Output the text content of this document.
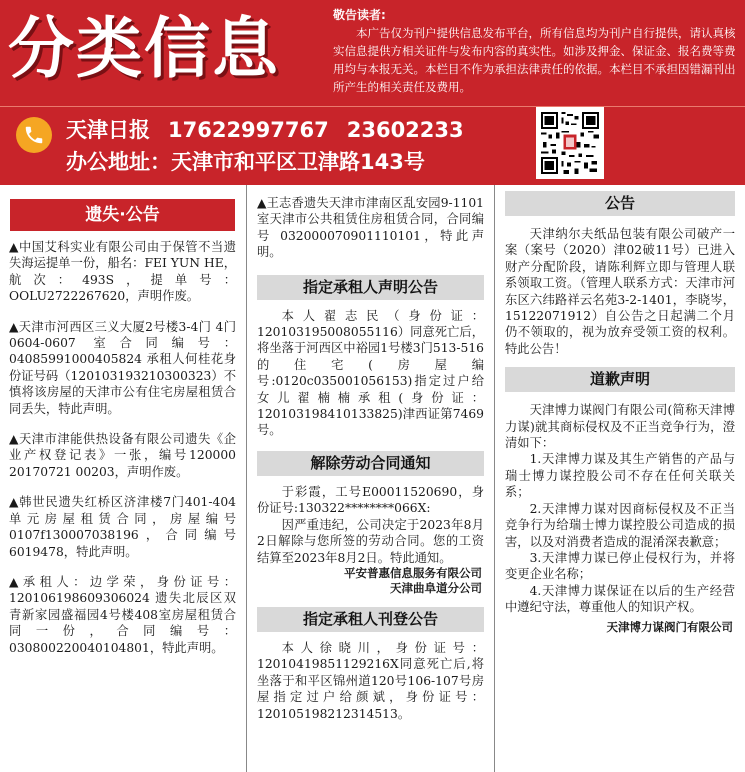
分类信息	敬告读者:
本广告仅为刊户提供信息发布平台，所有信息均为刊户自行提供，请认真核实信息提供方相关证件与发布内容的真实性。如涉及押金、保证金、报名费等费用均与本报无关。本栏目不作为承担法律责任的依据。本栏目不承担因错漏刊出所产生的相关责任及费用。
天津日报 17622997767 23602233
办公地址：天津市和平区卫津路143号
遗失·公告
▲中国艾科实业有限公司由于保管不当遗失海运提单一份，船名：FEI YUN HE，航次：493S，提单号：OOLU2722267620，声明作废。
▲天津市河西区三义大厦2号楼3-4门 4门 0604-0607 室合同编号：04085991000405824 承租人何桂花身份证号码（120103193210300323）不慎将该房屋的天津市公有住宅房屋租赁合同丢失，特此声明。
▲天津市津能供热设备有限公司遗失《企业产权登记表》一张，编号120000 20170721 00203，声明作废。
▲韩世民遗失红桥区济津楼7门401-404单元房屋租赁合同，房屋编号0107f130007038196，合同编号6019478，特此声明。
▲承租人：边学荣，身份证号：120106198609306024 遗失北辰区双青新家园盛福园4号楼408室房屋租赁合同一份，合同编号：030800220040104801，特此声明。
▲王志香遗失天津市津南区乱安园9-1101室天津市公共租赁住房租赁合同，合同编号 032000070901110101，特此声明。
指定承租人声明公告
本人翟志民（身份证：120103195008055116）同意死亡后，将坐落于河西区中裕园1号楼3门513-516的住宅(房屋编号:0120c035001056153)指定过户给女儿翟楠楠承租(身份证：120103198410133825)津西证第7469号。
解除劳动合同通知
于彩霞，工号E00011520690，身份证号:130322********066X:
因严重违纪，公司决定于2023年8月2日解除与您所签的劳动合同。您的工资结算至2023年8月2日。特此通知。
平安普惠信息服务有限公司
天津曲阜道分公司
指定承租人刊登公告
本人徐晓川，身份证号：12010419851129216X同意死亡后,将坐落于和平区锦州道120号106-107号房屋指定过户给颜斌，身份证号：120105198212314513。
公告
天津纳尔夫纸品包装有限公司破产一案（案号（2020）津02破11号）已进入财产分配阶段，请陈利辉立即与管理人联系领取工资。（管理人联系方式：天津市河东区六纬路祥云名苑3-2-1401，李晓岑，15122071912）自公告之日起满二个月仍不领取的，视为放弃受领工资的权利。特此公告！
道歉声明
天津博力谋阀门有限公司(简称天津博力谋)就其商标侵权及不正当竞争行为，澄清如下：
1.天津博力谋及其生产销售的产品与瑞士博力谋控股公司不存在任何关联关系；
2.天津博力谋对因商标侵权及不正当竞争行为给瑞士博力谋控股公司造成的损害，以及对消费者造成的混淆深表歉意；
3.天津博力谋已停止侵权行为，并将变更企业名称；
4.天津博力谋保证在以后的生产经营中遵纪守法，尊重他人的知识产权。
天津博力谋阀门有限公司
